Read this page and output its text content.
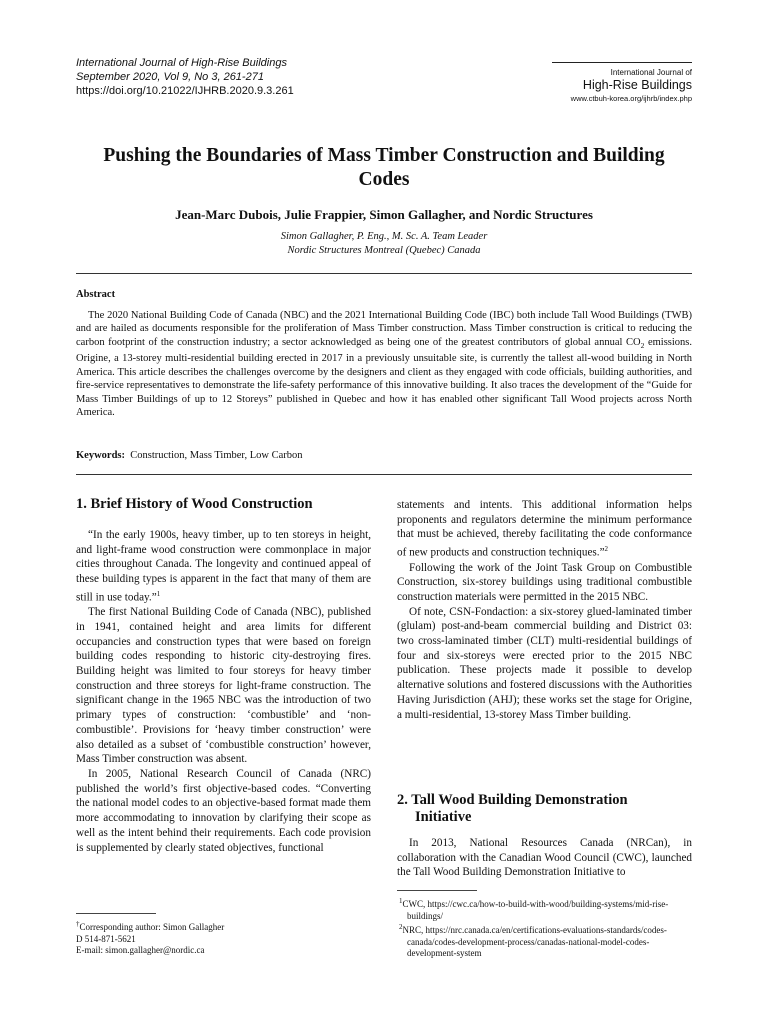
International Journal of High-Rise Buildings
September 2020, Vol 9, No 3, 261-271
https://doi.org/10.21022/IJHRB.2020.9.3.261
International Journal of
High-Rise Buildings
www.ctbuh-korea.org/ijhrb/index.php
Pushing the Boundaries of Mass Timber Construction and Building Codes
Jean-Marc Dubois, Julie Frappier, Simon Gallagher, and Nordic Structures
Simon Gallagher, P. Eng., M. Sc. A. Team Leader
Nordic Structures Montreal (Quebec) Canada
Abstract

The 2020 National Building Code of Canada (NBC) and the 2021 International Building Code (IBC) both include Tall Wood Buildings (TWB) and are hailed as documents responsible for the proliferation of Mass Timber construction. Mass Timber construction is critical to reducing the carbon footprint of the construction industry; a sector acknowledged as being one of the greatest contributors of global annual $CO_2$ emissions. Origine, a 13-storey multi-residential building erected in 2017 in a previously unsuitable site, is currently the tallest all-wood building in North America. This article describes the challenges overcome by the designers and client as they engaged with code officials, building authorities, and fire-service representatives to demonstrate the life-safety performance of this innovative building. It also traces the development of the “Guide for Mass Timber Buildings of up to 12 Storeys” published in Quebec and how it has enabled other significant Tall Wood projects across North America.

Keywords: Construction, Mass Timber, Low Carbon
1. Brief History of Wood Construction

“In the early 1900s, heavy timber, up to ten storeys in height, and light-frame wood construction were commonplace in major cities throughout Canada. The longevity and continued appeal of these building types is apparent in the fact that many of them are still in use today.”$^1$

The first National Building Code of Canada (NBC), published in 1941, contained height and area limits for different occupancies and construction types that were based on foreign building codes responding to historic city-destroying fires. Building height was limited to four storeys for heavy timber construction and three storeys for light-frame construction. The significant change in the 1965 NBC was the introduction of two primary types of construction: ‘combustible’ and ‘non-combustible’. Provisions for ‘heavy timber construction’ were also detailed as a subset of ‘combustible construction’ however, Mass Timber construction was absent.

In 2005, National Research Council of Canada (NRC) published the world’s first objective-based codes. “Converting the national model codes to an objective-based format made them more accommodating to innovation by clarifying their scope as well as the intent behind their requirements. Each code provision is supplemented by clearly stated objectives, functional

statements and intents. This additional information helps proponents and regulators determine the minimum performance that must be achieved, thereby facilitating the code conformance of new products and construction techniques.”$^2$

Following the work of the Joint Task Group on Combustible Construction, six-storey buildings using traditional combustible construction materials were permitted in the 2015 NBC.

Of note, CSN-Fondaction: a six-storey glued-laminated timber (glulam) post-and-beam commercial building and District 03: two cross-laminated timber (CLT) multi-residential buildings of four and six-storeys were erected prior to the 2015 NBC publication. These projects made it possible to develop alternative solutions and fostered discussions with the Authorities Having Jurisdiction (AHJ); these works set the stage for Origine, a multi-residential, 13-storey Mass Timber building.

2. Tall Wood Building Demonstration
Initiative

In 2013, National Resources Canada (NRCan), in collaboration with the Canadian Wood Council (CWC), launched the Tall Wood Building Demonstration Initiative to

†Corresponding author: Simon Gallagher
D 514-871-5621
E-mail: simon.gallagher@nordic.ca
$^1$CWC, https://cwc.ca/how-to-build-with-wood/building-systems/mid-rise-buildings/
$^2$NRC, https://nrc.canada.ca/en/certifications-evaluations-standards/codes-canada/codes-development-process/canadas-national-model-codes-development-system
